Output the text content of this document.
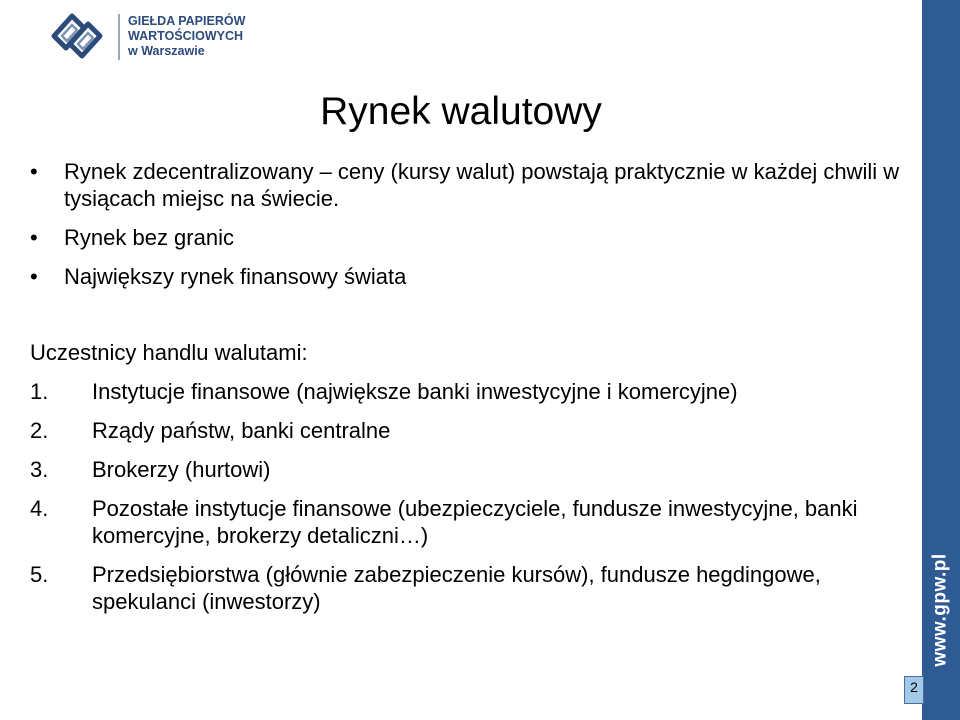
www.gpw.pl
GIEŁDA PAPIERÓW
WARTOŚCIOWYCH
w Warszawie
Rynek walutowy
• Rynek zdecentralizowany – ceny (kursy walut) powstają praktycznie w każdej chwili w tysiącach miejsc na świecie.
• Rynek bez granic
• Największy rynek finansowy świata
Uczestnicy handlu walutami:
1. Instytucje finansowe (największe banki inwestycyjne i komercyjne)
2. Rządy państw, banki centralne
3. Brokerzy (hurtowi)
4. Pozostałe instytucje finansowe (ubezpieczyciele, fundusze inwestycyjne, banki komercyjne, brokerzy detaliczni…)
5. Przedsiębiorstwa (głównie zabezpieczenie kursów), fundusze hegdingowe, spekulanci (inwestorzy)
2
